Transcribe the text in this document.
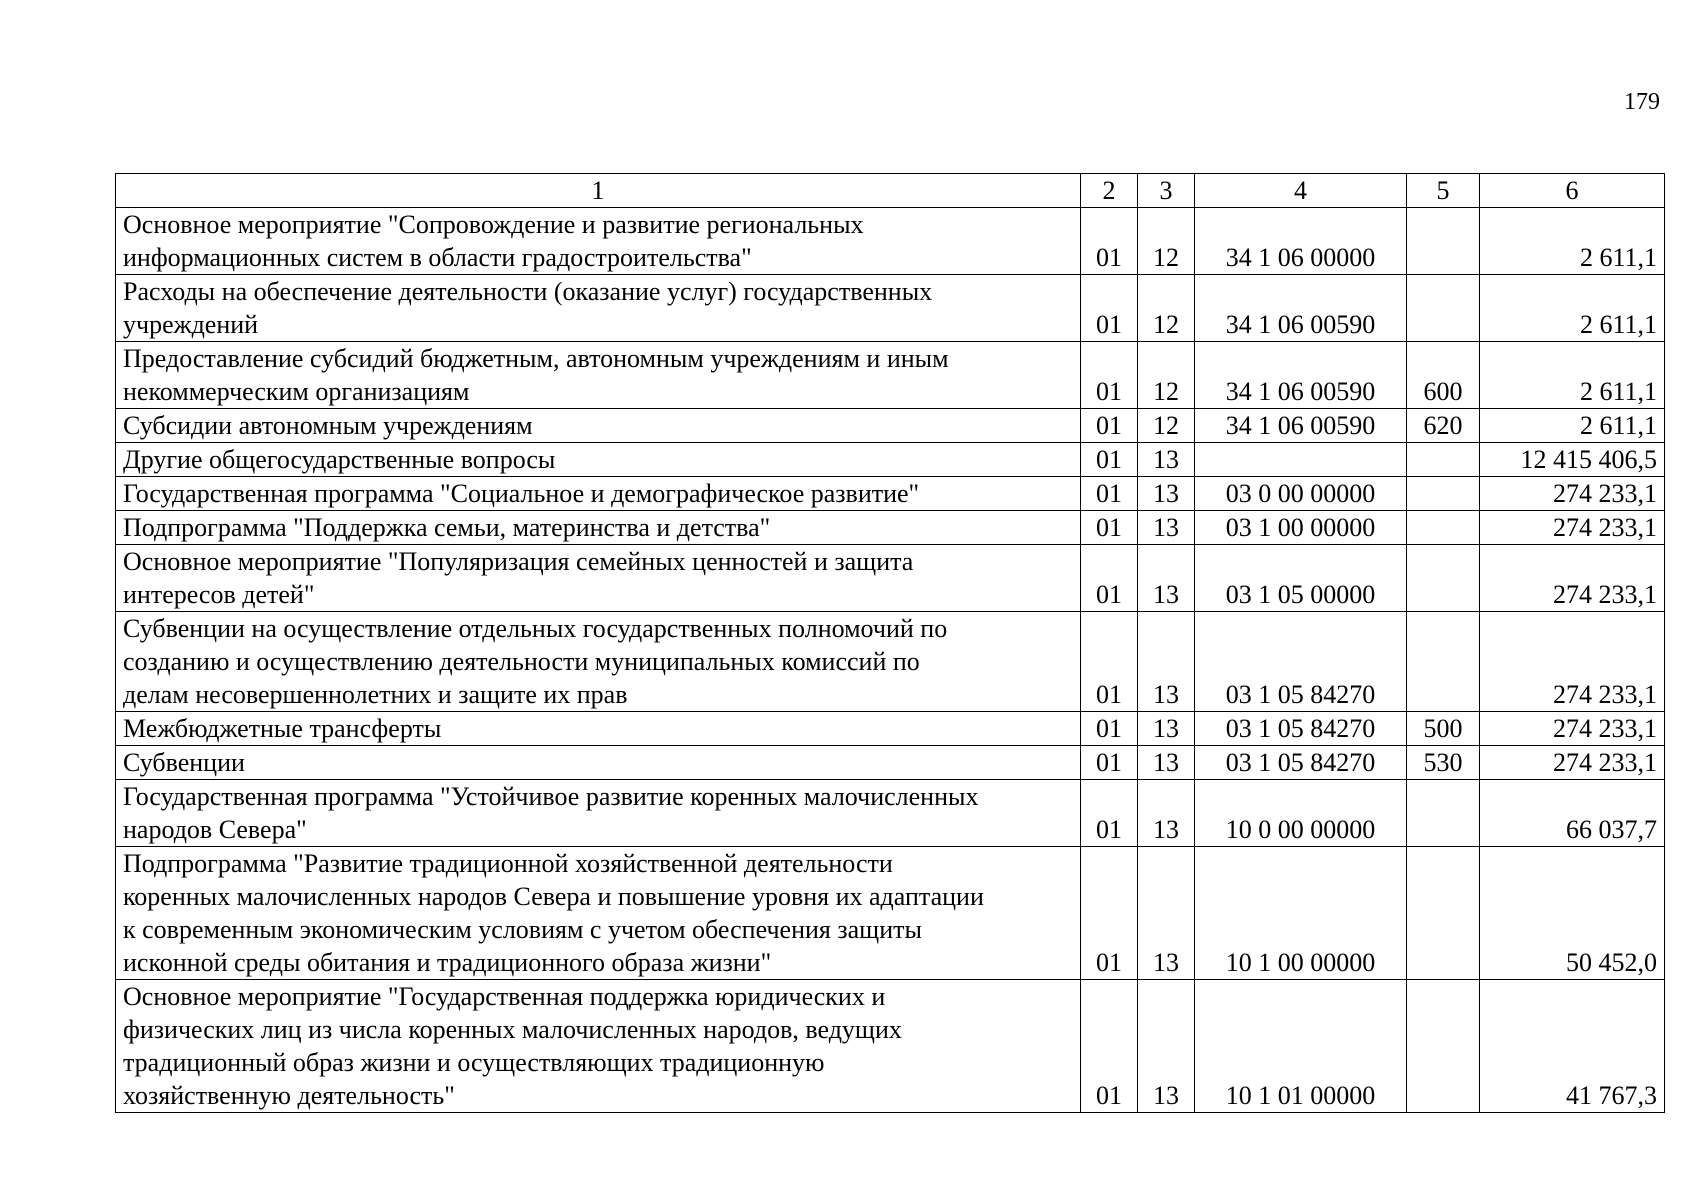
179
1	2	3	4	5	6

Основное мероприятие "Сопровождение и развитие региональных
информационных систем в области градостроительства"	01	12	34 1 06 00000		2 611,1

Расходы на обеспечение деятельности (оказание услуг) государственных
учреждений	01	12	34 1 06 00590		2 611,1

Предоставление субсидий бюджетным, автономным учреждениям и иным
некоммерческим организациям	01	12	34 1 06 00590	600	2 611,1

Субсидии автономным учреждениям	01	12	34 1 06 00590	620	2 611,1

Другие общегосударственные вопросы	01	13			12 415 406,5

Государственная программа "Социальное и демографическое развитие"	01	13	03 0 00 00000		274 233,1

Подпрограмма "Поддержка семьи, материнства и детства"	01	13	03 1 00 00000		274 233,1

Основное мероприятие "Популяризация семейных ценностей и защита
интересов детей"	01	13	03 1 05 00000		274 233,1

Субвенции на осуществление отдельных государственных полномочий по
созданию и осуществлению деятельности муниципальных комиссий по
делам несовершеннолетних и защите их прав	01	13	03 1 05 84270		274 233,1

Межбюджетные трансферты	01	13	03 1 05 84270	500	274 233,1

Субвенции	01	13	03 1 05 84270	530	274 233,1

Государственная программа "Устойчивое развитие коренных малочисленных
народов Севера"	01	13	10 0 00 00000		66 037,7

Подпрограмма "Развитие традиционной хозяйственной деятельности
коренных малочисленных народов Севера и повышение уровня их адаптации
к современным экономическим условиям с учетом обеспечения защиты
исконной среды обитания и традиционного образа жизни"	01	13	10 1 00 00000		50 452,0

Основное мероприятие "Государственная поддержка юридических и
физических лиц из числа коренных малочисленных народов, ведущих
традиционный образ жизни и осуществляющих традиционную
хозяйственную деятельность"	01	13	10 1 01 00000		41 767,3
